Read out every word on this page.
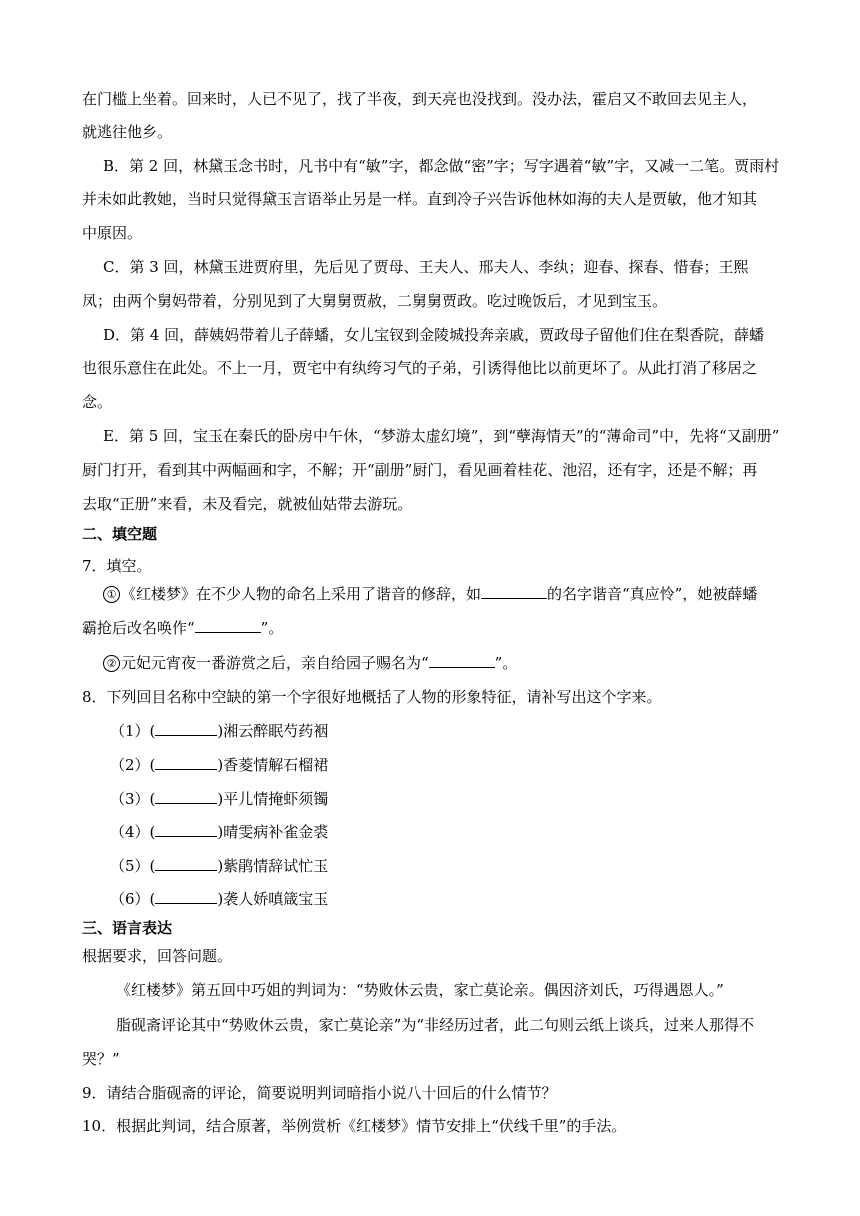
在门槛上坐着。回来时，人已不见了，找了半夜，到天亮也没找到。没办法，霍启又不敢回去见主人，
就逃往他乡。
B．第 2 回，林黛玉念书时，凡书中有“敏”字，都念做“密”字；写字遇着“敏”字，又减一二笔。贾雨村
并未如此教她，当时只觉得黛玉言语举止另是一样。直到冷子兴告诉他林如海的夫人是贾敏，他才知其
中原因。
C．第 3 回，林黛玉进贾府里，先后见了贾母、王夫人、邢夫人、李纨；迎春、探春、惜春；王熙
凤；由两个舅妈带着，分别见到了大舅舅贾赦，二舅舅贾政。吃过晚饭后，才见到宝玉。
D．第 4 回，薛姨妈带着儿子薛蟠，女儿宝钗到金陵城投奔亲戚，贾政母子留他们住在梨香院，薛蟠
也很乐意住在此处。不上一月，贾宅中有纨绔习气的子弟，引诱得他比以前更坏了。从此打消了移居之
念。
E．第 5 回，宝玉在秦氏的卧房中午休，“梦游太虚幻境”，到“孽海情天”的“薄命司”中，先将“又副册”
厨门打开，看到其中两幅画和字，不解；开“副册”厨门，看见画着桂花、池沼，还有字，还是不解；再
去取“正册”来看，未及看完，就被仙姑带去游玩。
二、填空题
7．填空。
① 《红楼梦》在不少人物的命名上采用了谐音的修辞，如	的名字谐音“真应怜”，她被薛蟠
霸抢后改名唤作“	”。
② 元妃元宵夜一番游赏之后，亲自给园子赐名为“	”。
8．下列回目名称中空缺的第一个字很好地概括了人物的形象特征，请补写出这个字来。
（1）(	)湘云醉眠芍药裀
（2）(	)香菱情解石榴裙
（3）(	)平儿情掩虾须镯
（4）(	)晴雯病补雀金裘
（5）(	)紫鹃情辞试忙玉
（6）(	)袭人娇嗔箴宝玉
三、语言表达
根据要求，回答问题。
《红楼梦》第五回中巧姐的判词为：“势败休云贵，家亡莫论亲。偶因济刘氏，巧得遇恩人。”
脂砚斋评论其中“势败休云贵，家亡莫论亲”为“非经历过者，此二句则云纸上谈兵，过来人那得不
哭？”
9．请结合脂砚斋的评论，简要说明判词暗指小说八十回后的什么情节？
10．根据此判词，结合原著，举例赏析《红楼梦》情节安排上“伏线千里”的手法。
